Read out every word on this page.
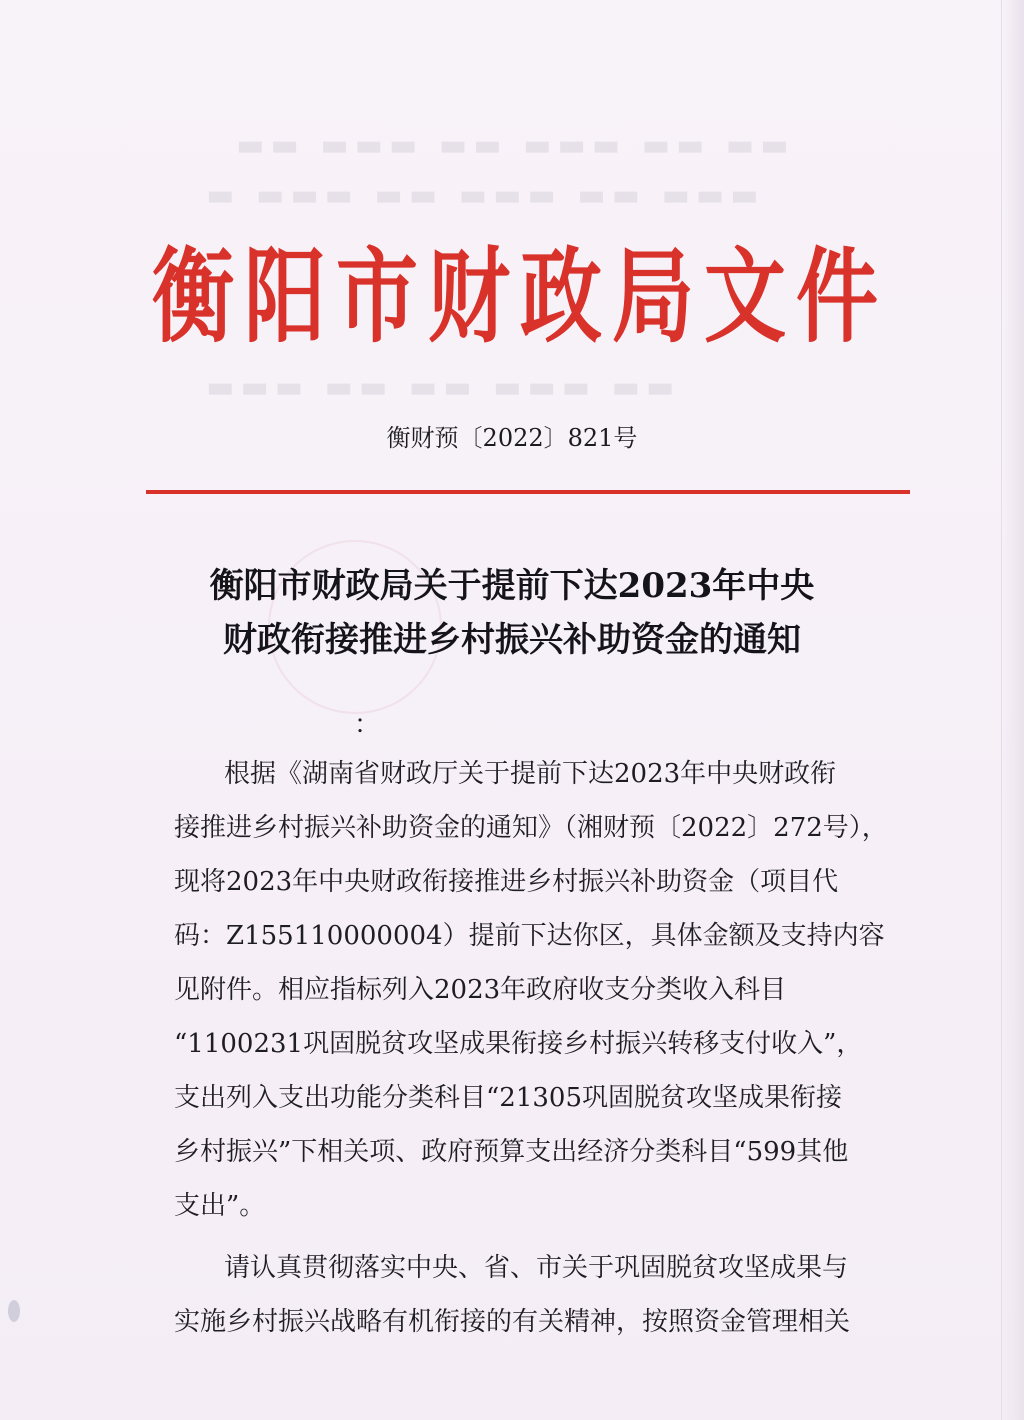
▬▬ ▬▬ ▬▬▬ ▬▬ ▬▬▬ ▬▬
▬▬▬ ▬▬ ▬▬▬ ▬▬ ▬▬▬ ▬
▬▬ ▬▬▬ ▬▬ ▬▬ ▬▬▬
衡阳市财政局文件
衡财预〔2022〕821号
衡阳市财政局关于提前下达2023年中央
财政衔接推进乡村振兴补助资金的通知
：
根据《湖南省财政厅关于提前下达2023年中央财政衔
接推进乡村振兴补助资金的通知》（湘财预〔2022〕272号），
现将2023年中央财政衔接推进乡村振兴补助资金（项目代
码：Z155110000004）提前下达你区，具体金额及支持内容
见附件。相应指标列入2023年政府收支分类收入科目
“1100231巩固脱贫攻坚成果衔接乡村振兴转移支付收入”，
支出列入支出功能分类科目“21305巩固脱贫攻坚成果衔接
乡村振兴”下相关项、政府预算支出经济分类科目“599其他
支出”。
请认真贯彻落实中央、省、市关于巩固脱贫攻坚成果与
实施乡村振兴战略有机衔接的有关精神，按照资金管理相关
